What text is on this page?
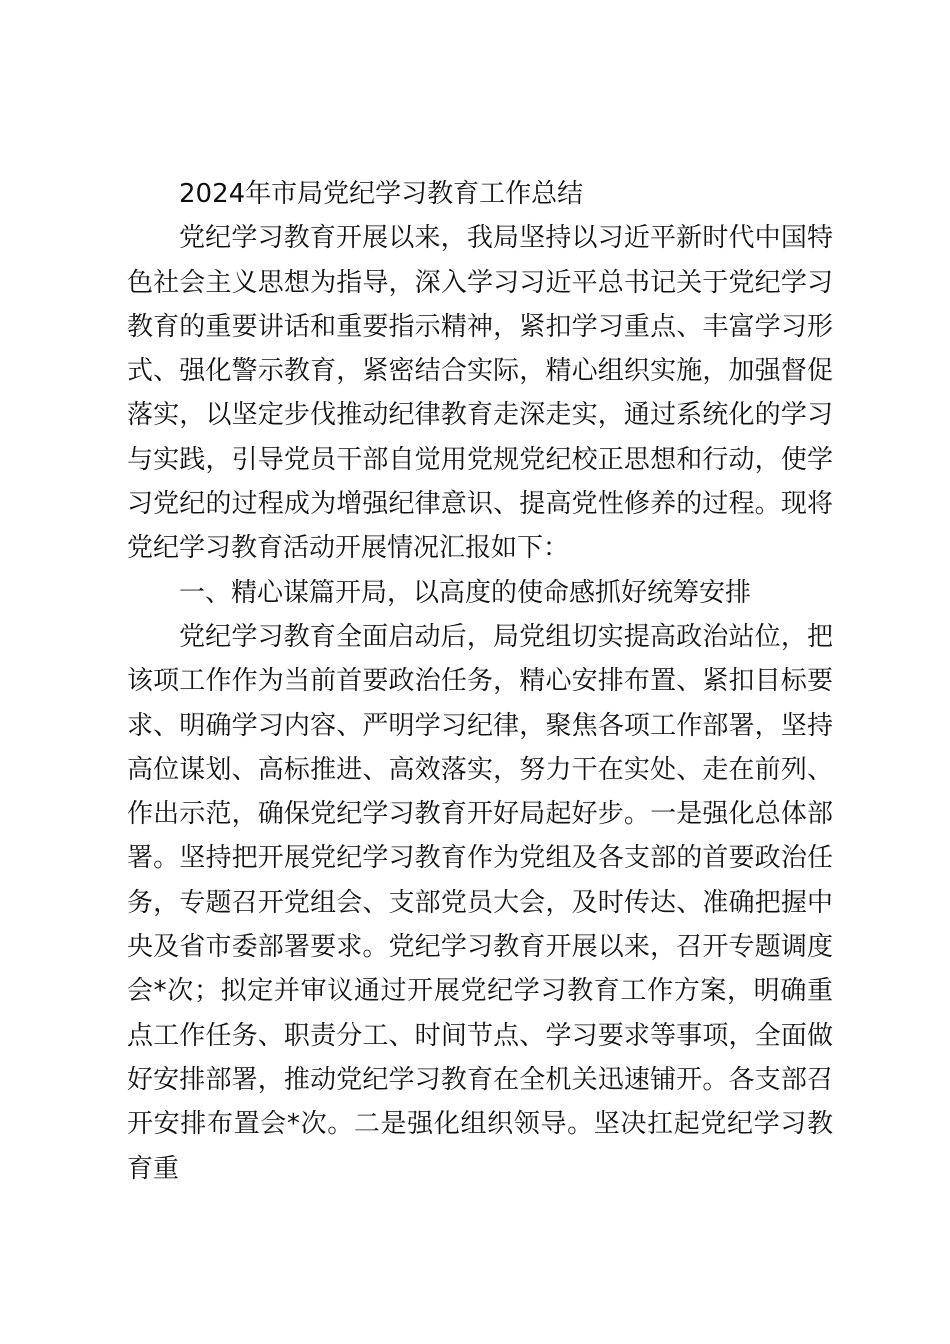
2024年市局党纪学习教育工作总结

党纪学习教育开展以来，我局坚持以习近平新时代中国特色社会主义思想为指导，深入学习习近平总书记关于党纪学习教育的重要讲话和重要指示精神，紧扣学习重点、丰富学习形式、强化警示教育，紧密结合实际，精心组织实施，加强督促落实，以坚定步伐推动纪律教育走深走实，通过系统化的学习与实践，引导党员干部自觉用党规党纪校正思想和行动，使学习党纪的过程成为增强纪律意识、提高党性修养的过程。现将党纪学习教育活动开展情况汇报如下：

一、精心谋篇开局，以高度的使命感抓好统筹安排

党纪学习教育全面启动后，局党组切实提高政治站位，把该项工作作为当前首要政治任务，精心安排布置、紧扣目标要求、明确学习内容、严明学习纪律，聚焦各项工作部署，坚持高位谋划、高标推进、高效落实，努力干在实处、走在前列、作出示范，确保党纪学习教育开好局起好步。一是强化总体部署。坚持把开展党纪学习教育作为党组及各支部的首要政治任务，专题召开党组会、支部党员大会，及时传达、准确把握中央及省市委部署要求。党纪学习教育开展以来，召开专题调度会*次；拟定并审议通过开展党纪学习教育工作方案，明确重点工作任务、职责分工、时间节点、学习要求等事项，全面做好安排部署，推动党纪学习教育在全机关迅速铺开。各支部召开安排布置会*次。二是强化组织领导。坚决扛起党纪学习教育重
